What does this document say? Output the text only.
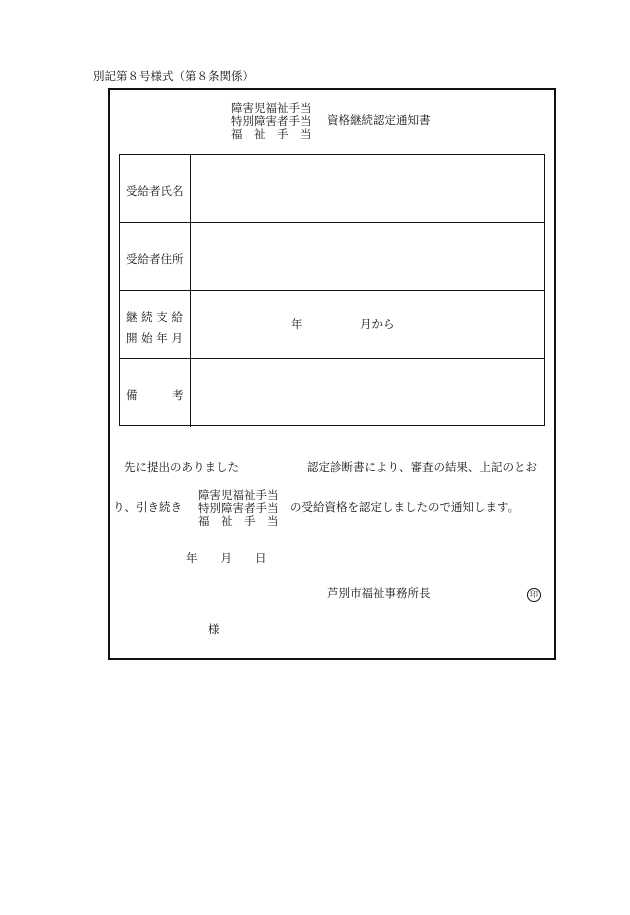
別記第８号様式（第８条関係）
障害児福祉手当
特別障害者手当
福　祉　手　当
資格継続認定通知書
受給者氏名
受給者住所
継 続 支 給
開 始 年 月
年　　　　　月から
備　　　考
先に提出のありました	認定診断書により、審査の結果、上記のとお
り、引き続き
障害児福祉手当
特別障害者手当
福　祉　手　当
の受給資格を認定しましたので通知します。
年　　月　　日
芦別市福祉事務所長	印
様
